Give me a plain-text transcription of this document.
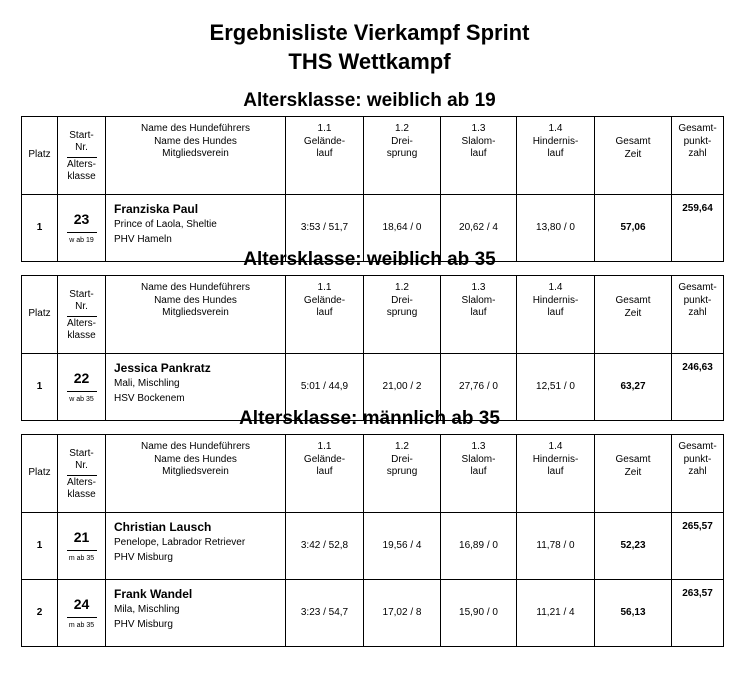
Ergebnisliste Vierkampf Sprint
THS Wettkampf
Altersklasse: weiblich ab 19
Platz	Start-
Nr.
Alters-
klasse	Name des Hundeführers
Name des Hundes
Mitgliedsverein	1.1
Gelände-
lauf	1.2
Drei-
sprung	1.3
Slalom-
lauf	1.4
Hindernis-
lauf	Gesamt
Zeit	Gesamt-
punkt-
zahl
1	23
w ab 19	Franziska Paul
Prince of Laola, Sheltie
PHV Hameln	3:53 / 51,7	18,64 / 0	20,62 / 4	13,80 / 0	57,06	259,64
Altersklasse: weiblich ab 35
Platz	Start-
Nr.
Alters-
klasse	Name des Hundeführers
Name des Hundes
Mitgliedsverein	1.1
Gelände-
lauf	1.2
Drei-
sprung	1.3
Slalom-
lauf	1.4
Hindernis-
lauf	Gesamt
Zeit	Gesamt-
punkt-
zahl
1	22
w ab 35	Jessica Pankratz
Mali, Mischling
HSV Bockenem	5:01 / 44,9	21,00 / 2	27,76 / 0	12,51 / 0	63,27	246,63
Altersklasse: männlich ab 35
Platz	Start-
Nr.
Alters-
klasse	Name des Hundeführers
Name des Hundes
Mitgliedsverein	1.1
Gelände-
lauf	1.2
Drei-
sprung	1.3
Slalom-
lauf	1.4
Hindernis-
lauf	Gesamt
Zeit	Gesamt-
punkt-
zahl
1	21
m ab 35	Christian Lausch
Penelope, Labrador Retriever
PHV Misburg	3:42 / 52,8	19,56 / 4	16,89 / 0	11,78 / 0	52,23	265,57
2	24
m ab 35	Frank Wandel
Mila, Mischling
PHV Misburg	3:23 / 54,7	17,02 / 8	15,90 / 0	11,21 / 4	56,13	263,57
